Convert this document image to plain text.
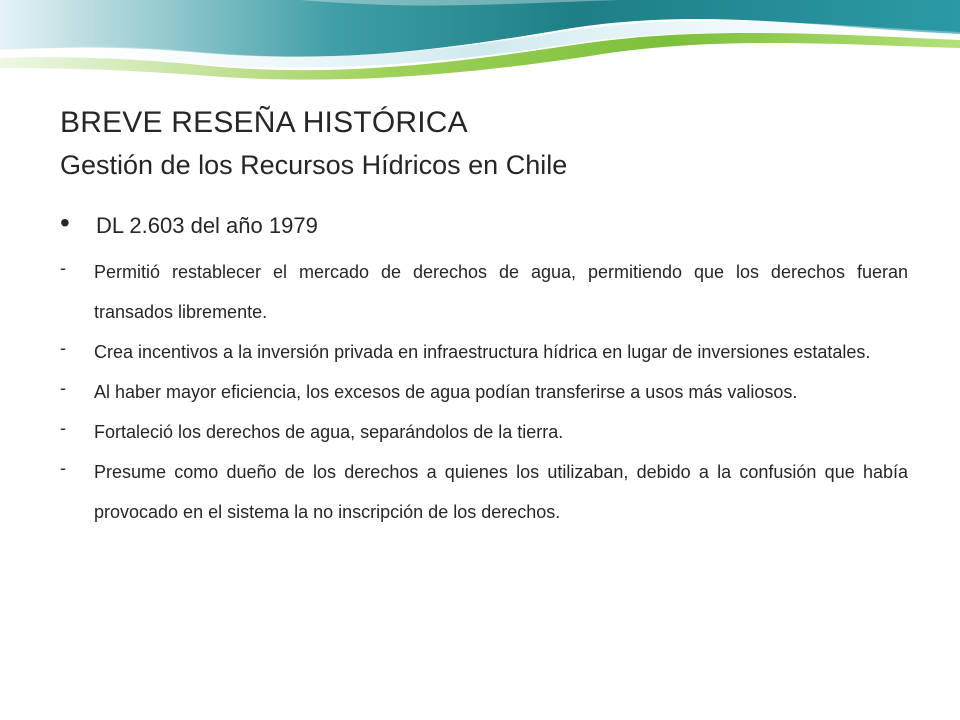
BREVE RESEÑA HISTÓRICA
Gestión de los Recursos Hídricos en Chile
• DL 2.603 del año 1979
- Permitió restablecer el mercado de derechos de agua, permitiendo que los derechos fueran transados libremente.
- Crea incentivos a la inversión privada en infraestructura hídrica en lugar de inversiones estatales.
- Al haber mayor eficiencia, los excesos de agua podían transferirse a usos más valiosos.
- Fortaleció los derechos de agua, separándolos de la tierra.
- Presume como dueño de los derechos a quienes los utilizaban, debido a la confusión que había provocado en el sistema la no inscripción de los derechos.
